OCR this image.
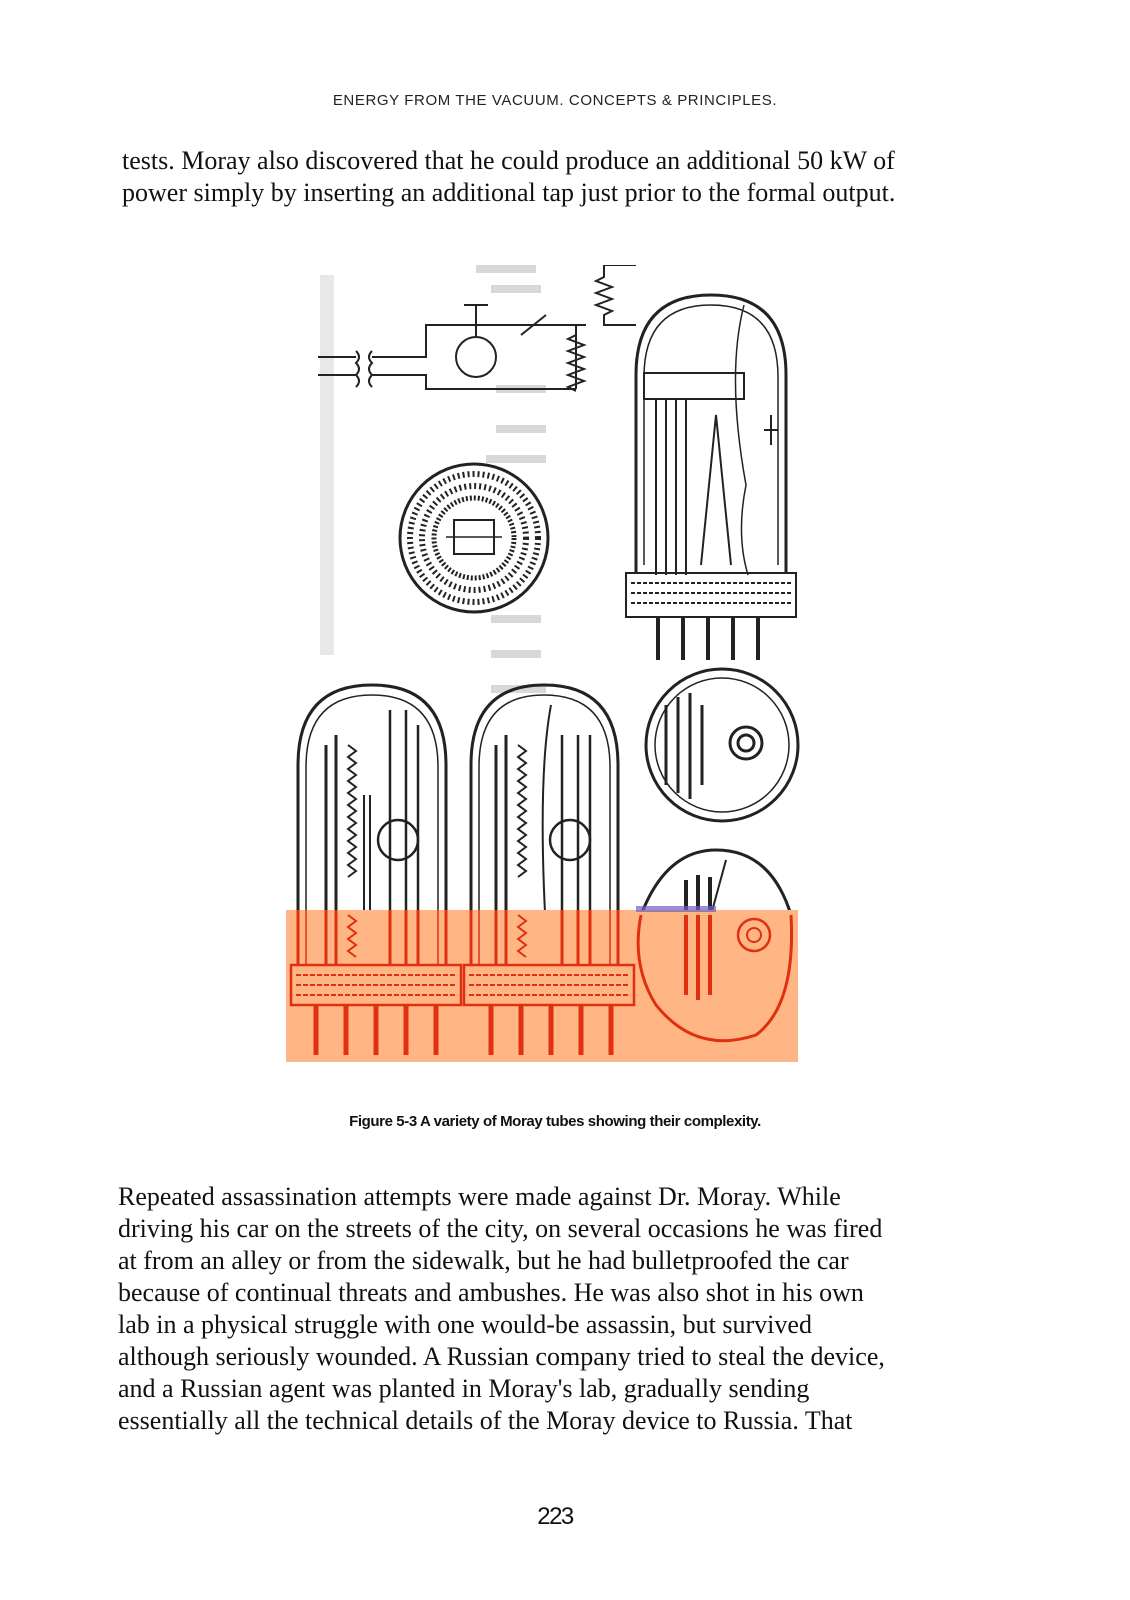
ENERGY FROM THE VACUUM. CONCEPTS & PRINCIPLES.
tests. Moray also discovered that he could produce an additional 50 kW of
power simply by inserting an additional tap just prior to the formal output.
Figure 5-3 A variety of Moray tubes showing their complexity.
Repeated assassination attempts were made against Dr. Moray. While
driving his car on the streets of the city, on several occasions he was fired
at from an alley or from the sidewalk, but he had bulletproofed the car
because of continual threats and ambushes. He was also shot in his own
lab in a physical struggle with one would-be assassin, but survived
although seriously wounded. A Russian company tried to steal the device,
and a Russian agent was planted in Moray's lab, gradually sending
essentially all the technical details of the Moray device to Russia. That
223
